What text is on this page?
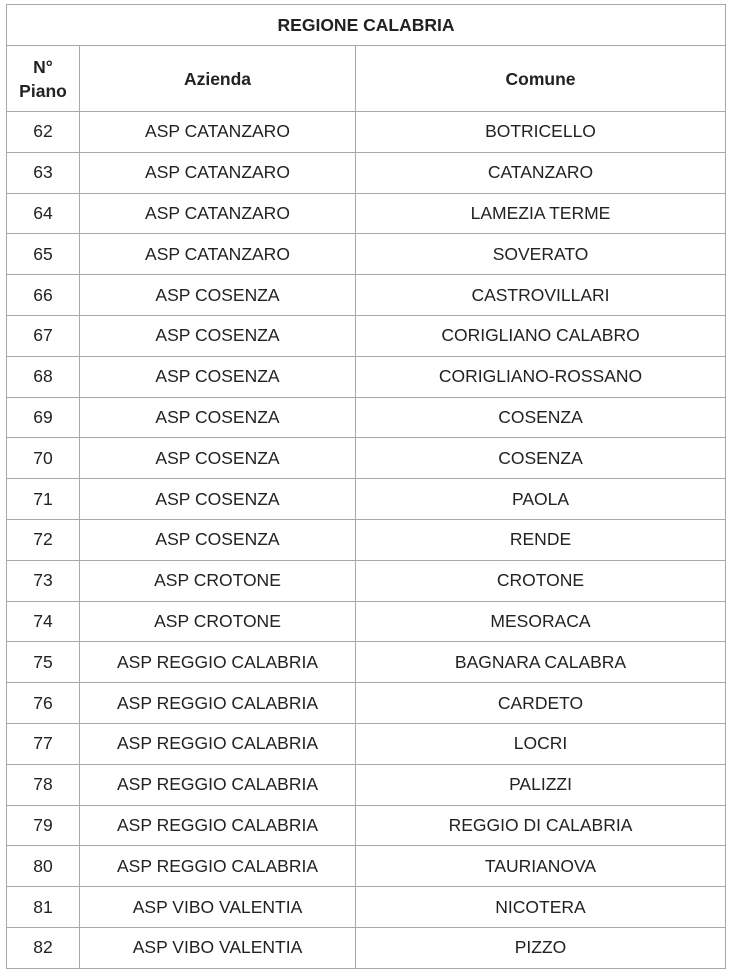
REGIONE CALABRIA		
N°
Piano	Azienda	Comune
62	ASP CATANZARO	BOTRICELLO
63	ASP CATANZARO	CATANZARO
64	ASP CATANZARO	LAMEZIA TERME
65	ASP CATANZARO	SOVERATO
66	ASP COSENZA	CASTROVILLARI
67	ASP COSENZA	CORIGLIANO CALABRO
68	ASP COSENZA	CORIGLIANO-ROSSANO
69	ASP COSENZA	COSENZA
70	ASP COSENZA	COSENZA
71	ASP COSENZA	PAOLA
72	ASP COSENZA	RENDE
73	ASP CROTONE	CROTONE
74	ASP CROTONE	MESORACA
75	ASP REGGIO CALABRIA	BAGNARA CALABRA
76	ASP REGGIO CALABRIA	CARDETO
77	ASP REGGIO CALABRIA	LOCRI
78	ASP REGGIO CALABRIA	PALIZZI
79	ASP REGGIO CALABRIA	REGGIO DI CALABRIA
80	ASP REGGIO CALABRIA	TAURIANOVA
81	ASP VIBO VALENTIA	NICOTERA
82	ASP VIBO VALENTIA	PIZZO
